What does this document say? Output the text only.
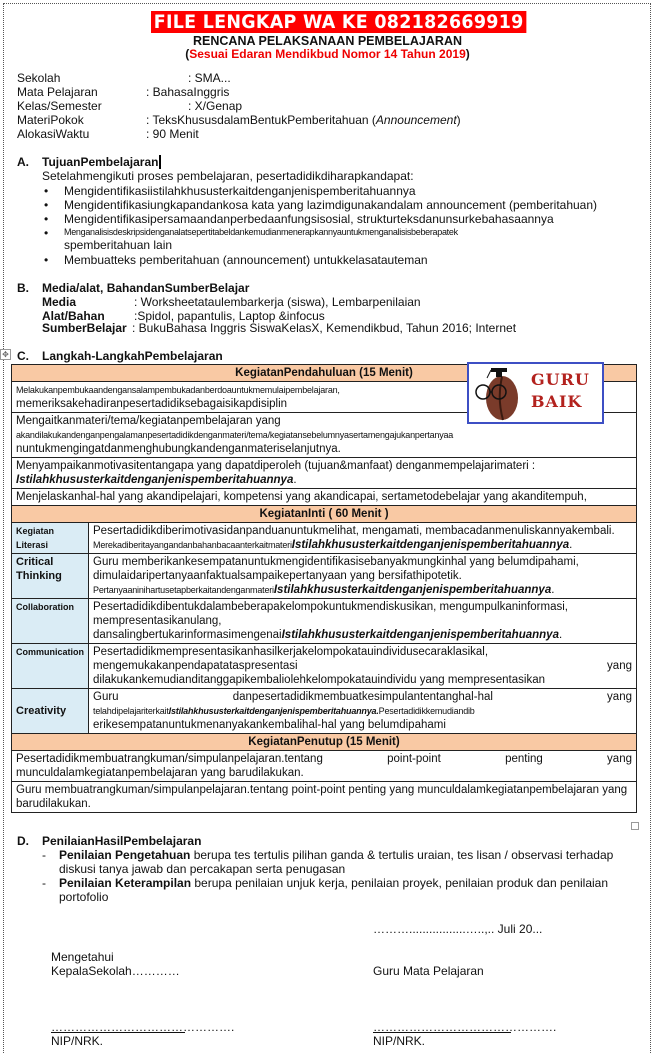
FILE LENGKAP WA KE 082182669919
RENCANA PELAKSANAAN PEMBELAJARAN
(Sesuai Edaran Mendikbud Nomor 14 Tahun 2019)
Sekolah	: SMA...
Mata Pelajaran	: BahasaInggris
Kelas/Semester	: X/Genap
MateriPokok	: TeksKhususdalamBentukPemberitahuan (Announcement)
AlokasiWaktu	: 90 Menit
A. TujuanPembelajaran
Setelahmengikuti proses pembelajaran, pesertadidikdiharapkandapat:
• Mengidentifikasiistilahkhususterkaitdenganjenispemberitahuannya
• Mengidentifikasiungkapandankosa kata yang lazimdigunakandalam announcement (pemberitahuan)
• Mengidentifikasipersamaandanperbedaanfungsisosial, strukturteksdanunsurkebahasaannya
• Menganalisisdeskripsidenganalatsepertitabeldankemudianmenerapkannyauntukmenganalisisbeberapatek
spemberitahuan lain
• Membuatteks pemberitahuan (announcement) untukkelasatauteman
B. Media/alat, BahandanSumberBelajar
Media	: Worksheetataulembarkerja (siswa), Lembarpenilaian
Alat/Bahan :Spidol, papantulis, Laptop &infocus
SumberBelajar : BukuBahasa Inggris SiswaKelasX, Kemendikbud, Tahun 2016; Internet
✥ C. Langkah-LangkahPembelajaran
KegiatanPendahuluan (15 Menit)	

Melakukanpembukaandengansalampembukadanberdoauntukmemulaipembelajaran,
memeriksakehadiranpesertadidiksebagaisikapdisiplin	

Mengaitkanmateri/tema/kegiatanpembelajaran yang
akandilakukandenganpengalamanpesertadidikdenganmateri/tema/kegiatansebelumnyasertamengajukanpertanyaa
nuntukmengingatdanmenghubungkandenganmateriselanjutnya.	

Menyampaikanmotivasitentangapa yang dapatdiperoleh (tujuan&manfaat) denganmempelajarimateri :
Istilahkhususterkaitdenganjenispemberitahuannya.	

Menjelaskanhal-hal yang akandipelajari, kompetensi yang akandicapai, sertametodebelajar yang akanditempuh,	
KegiatanInti ( 60 Menit )	
Kegiatan Literasi	Pesertadidikdiberimotivasidanpanduanuntukmelihat, mengamati, membacadanmenuliskannyakembali.
MerekadiberitayangandanbahanbacaanterkaitmateriIstilahkhususterkaitdenganjenispemberitahuannya.

Critical Thinking	Guru memberikankesempatanuntukmengidentifikasisebanyakmungkinhal yang belumdipahami, dimulaidaripertanyaanfaktualsampaikepertanyaan yang bersifathipotetik.
PertanyaaninihartusetapberkaitandenganmateriIstilahkhususterkaitdenganjenispemberitahuannya.

Collaboration	Pesertadidikdibentukdalambeberapakelompokuntukmendiskusikan, mengumpulkaninformasi, mempresentasikanulang,
dansalingbertukarinformasimengenaiIstilahkhususterkaitdenganjenispemberitahuannya.

Communication	Pesertadidikmempresentasikanhasilkerjakelompokatauindividusecaraklasikal,
mengemukakanpendapatataspresentasi yang
dilakukankemudianditanggapikembaliolehkelompokatauindividu yang mempresentasikan

Creativity	Guru danpesertadidikmembuatkesimpulantentanghal-hal yang
telahdipelajariterkaitIstilahkhususterkaitdenganjenispemberitahuannya.Pesertadidikkemudiandib
erikesempatanuntukmenanyakankembalihal-hal yang belumdipahami

KegiatanPenutup (15 Menit)	
Pesertadidikmembuatrangkuman/simpulanpelajaran.tentang point-point penting yang munculdalamkegiatanpembelajaran yang barudilakukan.	
Guru membuatrangkuman/simpulanpelajaran.tentang point-point penting yang munculdalamkegiatanpembelajaran yang barudilakukan.	
GURU
BAIK
D. PenilaianHasilPembelajaran
- Penilaian Pengetahuan berupa tes tertulis pilihan ganda & tertulis uraian, tes lisan / observasi terhadap diskusi tanya jawab dan percakapan serta penugasan
- Penilaian Keterampilan berupa penilaian unjuk kerja, penilaian proyek, penilaian produk dan penilaian portofolio
……….................…..,.. Juli 20...
Mengetahui
KepalaSekolah…………	Guru Mata Pelajaran
……………………………………….
NIP/NRK.
……………………………………….
NIP/NRK.
